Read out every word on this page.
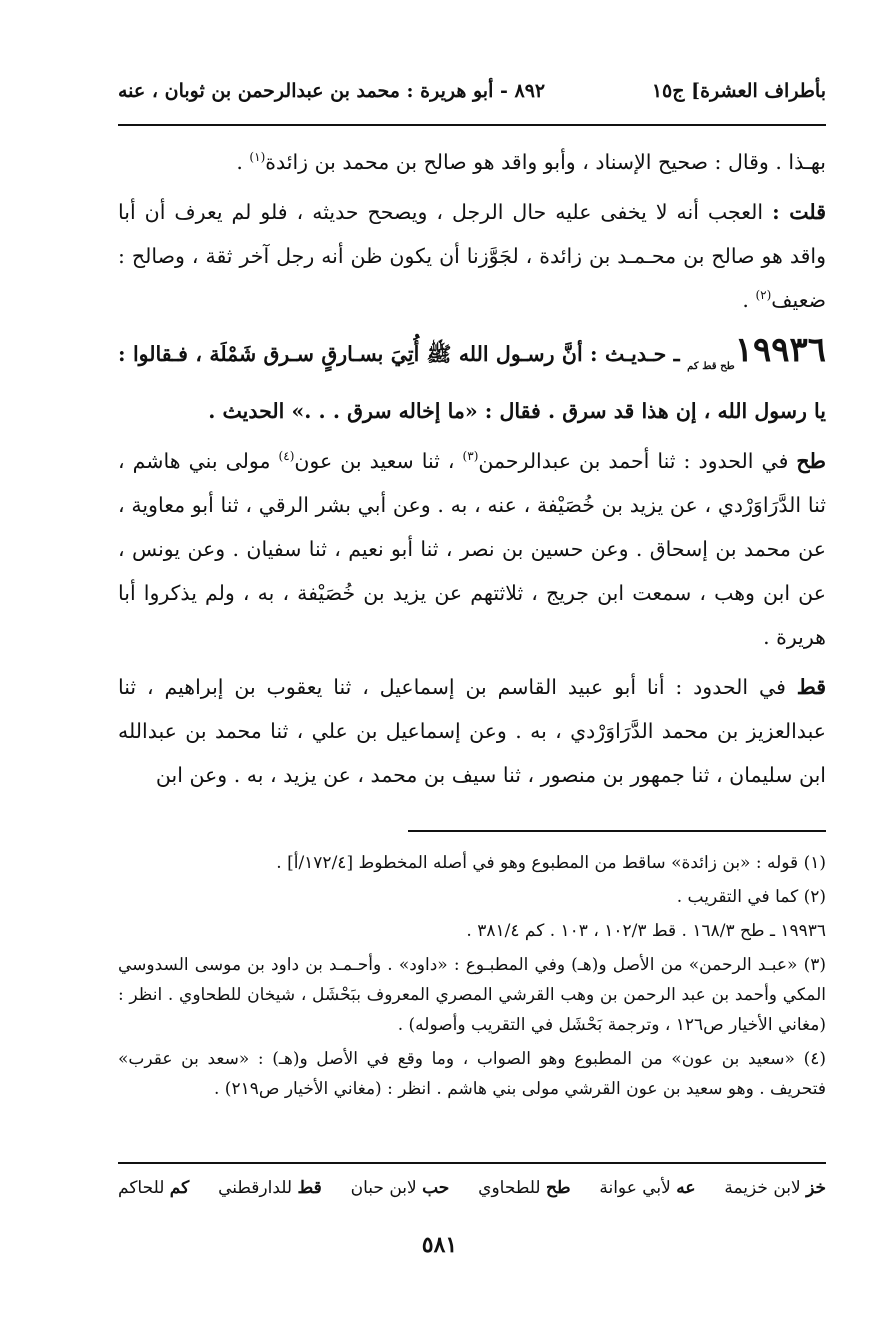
بأطراف العشرة] ج١٥
٨٩٢ - أبو هريرة : محمد بن عبدالرحمن بن ثوبان ، عنه

بهـذا . وقال : صحيح الإسناد ، وأبو واقد هو صالح بن محمد بن زائدة$^{(١)}$ .

قلت : العجب أنه لا يخفى عليه حال الرجل ، ويصحح حديثه ، فلو لم يعرف أن أبا واقد هو صالح بن محـمـد بن زائدة ، لجَوَّزنا أن يكون ظن أنه رجل آخر ثقة ، وصالح : ضعيف$^{(٢)}$ .

$١٩٩٣٦_{طح قط كم}$ ـ حـديـث : أنَّ رسـول الله ﷺ أُتِيَ بسـارقٍ سـرق شَمْلَة ، فـقالوا : يا رسول الله ، إن هذا قد سرق . فقال : «ما إخاله سرق . . .» الحديث .

طح في الحدود : ثنا أحمد بن عبدالرحمن$^{(٣)}$ ، ثنا سعيد بن عون$^{(٤)}$ مولى بني هاشم ، ثنا الدَّرَاوَرْدي ، عن يزيد بن خُصَيْفة ، عنه ، به . وعن أبي بشر الرقي ، ثنا أبو معاوية ، عن محمد بن إسحاق . وعن حسين بن نصر ، ثنا أبو نعيم ، ثنا سفيان . وعن يونس ، عن ابن وهب ، سمعت ابن جريج ، ثلاثتهم عن يزيد بن خُصَيْفة ، به ، ولم يذكروا أبا هريرة .

قط في الحدود : أنا أبو عبيد القاسم بن إسماعيل ، ثنا يعقوب بن إبراهيم ، ثنا عبدالعزيز بن محمد الدَّرَاوَرْدي ، به . وعن إسماعيل بن علي ، ثنا محمد بن عبدالله ابن سليمان ، ثنا جمهور بن منصور ، ثنا سيف بن محمد ، عن يزيد ، به . وعن ابن

(١) قوله : «بن زائدة» ساقط من المطبوع وهو في أصله المخطوط [١٧٢/٤/أ] .

(٢) كما في التقريب .

١٩٩٣٦ ـ طح ١٦٨/٣ . قط ١٠٢/٣ ، ١٠٣ . كم ٣٨١/٤ .

(٣) «عبـد الرحمن» من الأصل و(هـ) وفي المطبـوع : «داود» . وأحـمـد بن داود بن موسى السدوسي المكي وأحمد بن عبد الرحمن بن وهب القرشي المصري المعروف ببَحْشَل ، شيخان للطحاوي . انظر : (مغاني الأخيار ص١٢٦ ، وترجمة بَحْشَل في التقريب وأصوله) .

(٤) «سعيد بن عون» من المطبوع وهو الصواب ، وما وقع في الأصل و(هـ) : «سعد بن عقرب» فتحريف . وهو سعيد بن عون القرشي مولى بني هاشم . انظر : (مغاني الأخيار ص٢١٩) .

خز لابن خزيمة
عه لأبي عوانة
طح للطحاوي
حب لابن حبان
قط للدارقطني
كم للحاكم
٥٨١
